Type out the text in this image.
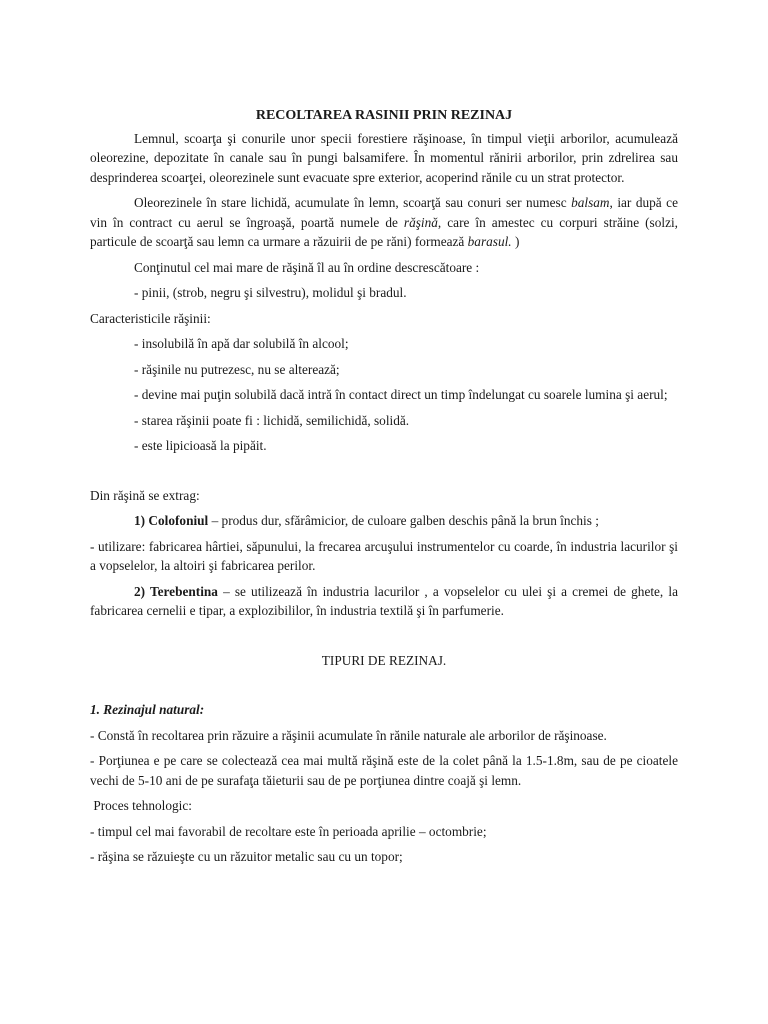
RECOLTAREA RASINII PRIN REZINAJ

Lemnul, scoarţa şi conurile unor specii forestiere răşinoase, în timpul vieţii arborilor, acumulează oleorezine, depozitate în canale sau în pungi balsamifere. În momentul rănirii arborilor, prin zdrelirea sau desprinderea scoarţei, oleorezinele sunt evacuate spre exterior, acoperind rănile cu un strat protector.

Oleorezinele în stare lichidă, acumulate în lemn, scoarţă sau conuri ser numesc balsam, iar după ce vin în contract cu aerul se îngroaşă, poartă numele de răşină, care în amestec cu corpuri străine (solzi, particule de scoarţă sau lemn ca urmare a răzuirii de pe răni) formează barasul. )

Conţinutul cel mai mare de răşină îl au în ordine descrescătoare :

- pinii, (strob, negru şi silvestru), molidul şi bradul.

Caracteristicile răşinii:

- insolubilă în apă dar solubilă în alcool;

- răşinile nu putrezesc, nu se alterează;

- devine mai puţin solubilă dacă intră în contact direct un timp îndelungat cu soarele lumina şi aerul;

- starea răşinii poate fi : lichidă, semilichidă, solidă.

- este lipicioasă la pipăit.

Din răşină se extrag:

1) Colofoniul – produs dur, sfărâmicior, de culoare galben deschis până la brun închis ;

- utilizare: fabricarea hârtiei, săpunului, la frecarea arcuşului instrumentelor cu coarde, în industria lacurilor şi a vopselelor, la altoiri şi fabricarea perilor.

2) Terebentina – se utilizează în industria lacurilor , a vopselelor cu ulei şi a cremei de ghete, la fabricarea cernelii e tipar, a explozibililor, în industria textilă şi în parfumerie.

TIPURI DE REZINAJ.

1. Rezinajul natural:

- Constă în recoltarea prin răzuire a răşinii acumulate în rănile naturale ale arborilor de răşinoase.

- Porţiunea e pe care se colectează cea mai multă răşină este de la colet până la 1.5-1.8m, sau de pe cioatele vechi de 5-10 ani de pe surafaţa tăieturii sau de pe porţiunea dintre coajă şi lemn.

Proces tehnologic:

- timpul cel mai favorabil de recoltare este în perioada aprilie – octombrie;

- răşina se răzuieşte cu un răzuitor metalic sau cu un topor;
